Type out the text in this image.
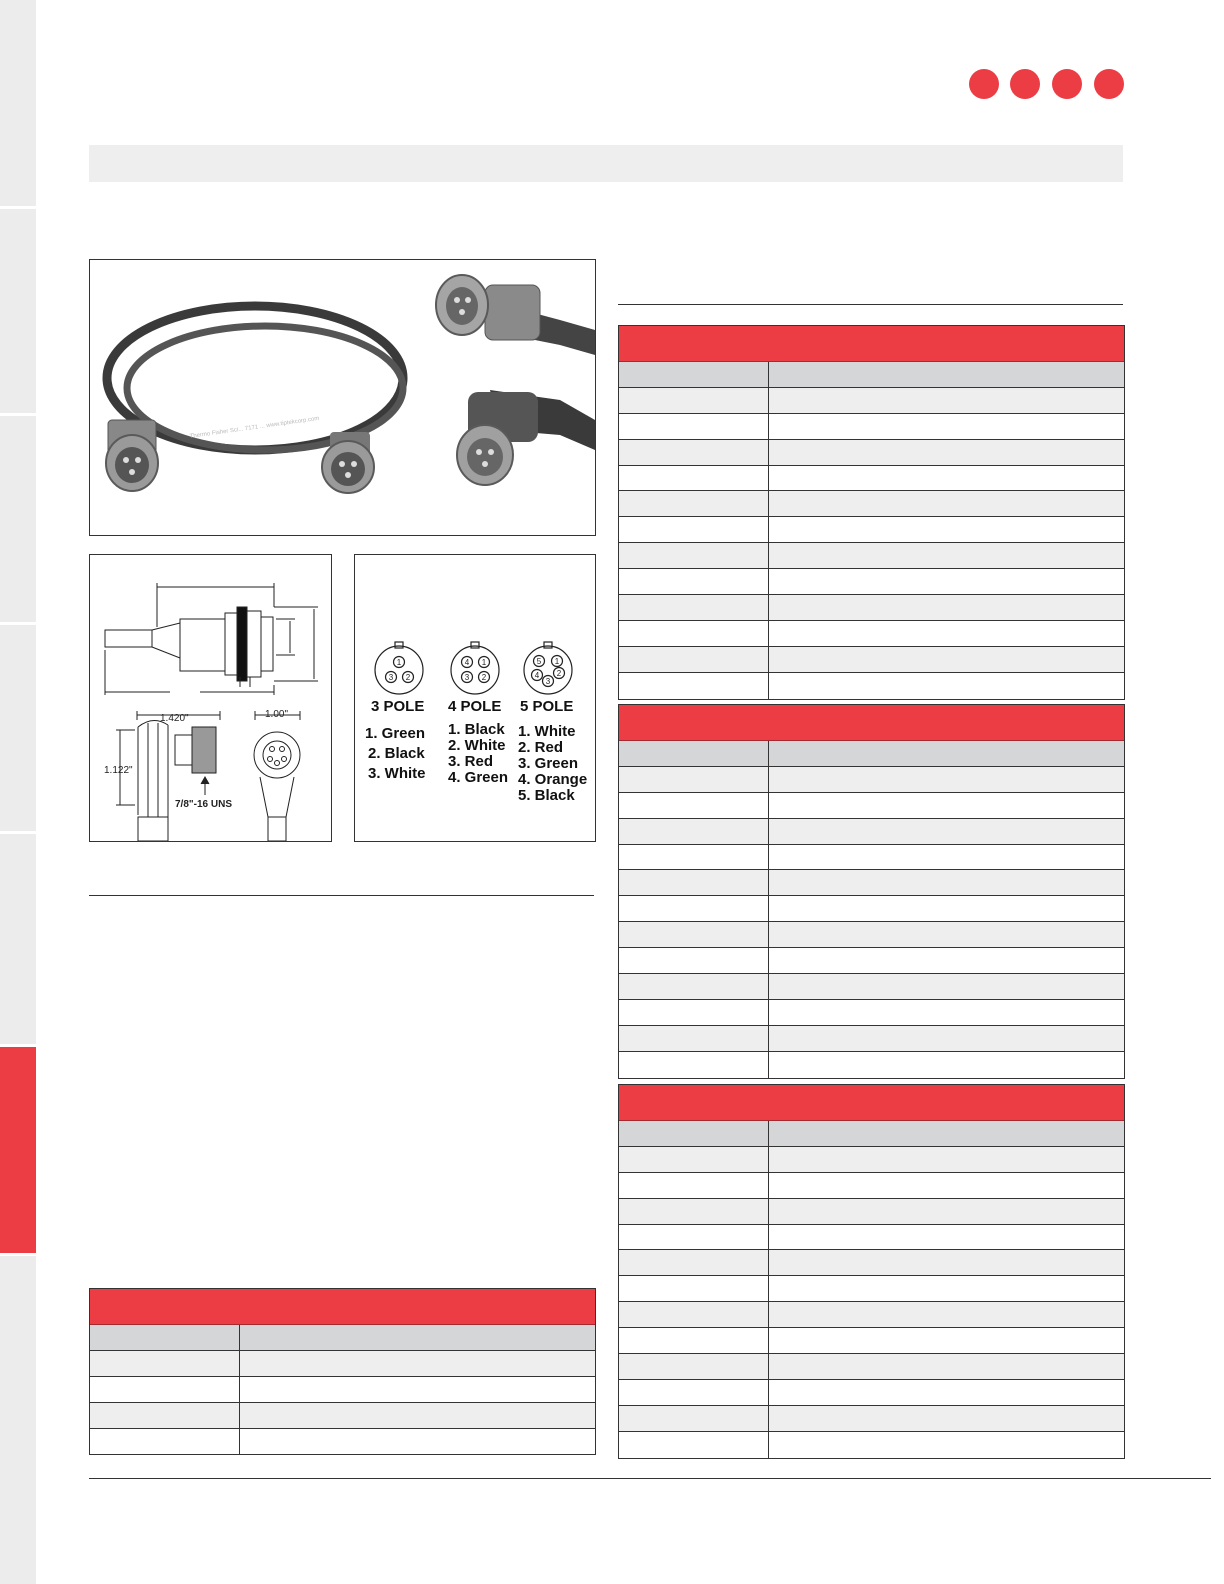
Thermo Fisher Sci... 7171 ... www.tiptekcorp.com
1.420"
1.122"
7/8"-16 UNS
1.00"
1
3 2
4 1
3 2
5 1
4 2
3
3 POLE 4 POLE 5 POLE
1. Green
2. Black
3. White
1. Black
2. White
3. Red
4. Green
1. White
2. Red
3. Green
4. Orange
5. Black
